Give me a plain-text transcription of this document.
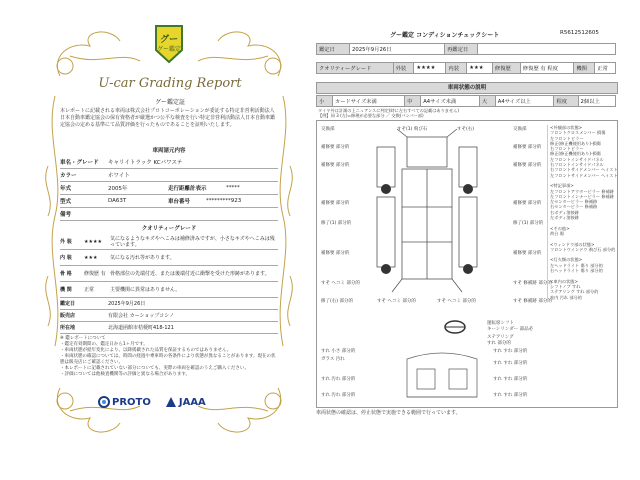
グー
グー鑑定
U-car Grading Report
グー鑑定証
本レポートに記載される車両は株式会社プロトコーポレーションが委託する特定非営利活動法人日本自動車鑑定協会の保有資格者が厳選かつ公平な検査を行い特定非営利活動法人日本自動車鑑定協会の定める基準にて品質評価を行ったものであることを証明いたします。
車両諸元内容
車名・グレード	キャリイトラック KCパワステ
カラー	ホワイト
年式	2005年	走行距離計表示	*****
型式	DA63T	車台番号	*********923
備考
クオリティーグレード
外 装	★★★★	気になるようなキズやへこみは補修済みですが、小さなキズやへこみは残っています。
内 装	★★★	気になる汚れ等があります。
骨 格	修復歴 有 骨格部位の先端付近、または後端付近に衝撃を受けた形跡があります。
機 関	正常	主要機関に異常はありません。
鑑定日	2025年9月26日
販売店	有限会社 カーショップコシノ
所在地	北海道函館市桔梗町418-121
※ 鑑レポートについて
・鑑定有効期間の、鑑定日から1ヶ月です。
・車両状態が経年変化により、以降掲載された品質を保証するものではありません。
・車両状態の確認については、時間の経過や乗車時の各条件により状態が異なることがあります。現在の状態は販売店にご確認ください。
・本レポートに記載されていない部分についても、実際の車両を確認のうえご購入ください。
・評価については他検査機関等の評価と異なる場合があります。
PROTO	JAAA
グー鑑定 コンディションチェックシート	R5612512605
鑑定日	2025年9月26日	再鑑定日	
クオリティーグレード	外装	★★★★	内装	★★★	修復歴	修復歴 有 程度	機関	正常
車両状態の説明
小	カードサイズ未満	中	A4サイズ未満	大	A4サイズ以上	程度	2個以上
タイヤ外は計測の上ニュアンスに判定(時に左右すべての記載はありません)
【例】同 3 (左)=修理が必要な部分 ／ 交換(バンパー部)
交換部
補修要 部分的
補修要 部分的
すそ(1) 飛び石	すそ(右)	交換部
補修要 部分的
補修要 部分的
補修要 部分的	補修要 部分的
修了(1) 部分的	修了(1) 部分的
補修要 部分的	補修要 部分的
すそ ヘコミ 部分的	すそ 修補跡 部分的
修了(右) 部分的	すそ ヘコミ 部分的	すそ ヘコミ 部分的	すそ 修補跡 部分的
運転席シフト
キーシリンダー 部品必
ステアリング
すれ 部分的
すれ 小さ 部分的
ガラス 汚れ
すれ 汚れ 部分的
すれ 汚れ 部分的
すれ すれ 部分的
すれ すれ 部分的
すれ すれ 部分的
すれ すれ 部分的
<外観部の状態>
フロントクロスメンバー 損傷
左フロントピラー
修正(修正機使用あり)-損傷
右フロントピラー
修正(修正機使用あり)-損傷
左フロントインサイドパネル
右フロントインサイドパネル
右フロントサイドメンバー ヘイスト
左フロントサイドメンバー ヘイスト

<特記事項>
左フロントアウターピラー 修補跡
左フロントインナーピラー 修補跡
左センターピラー 修補跡
右センターピラー 修補跡
右ボディ溶接跡
左ボディ溶接跡

<その他>
荷台 傷

<ウィンドウ部の状態>
フロントウインドウ 飛び石 部分的

<灯火類の状態>
左ヘッドライト 傷り 部分的
右ヘッドライト 傷り 部分的

<車内の状態>
シフトノブ すれ
ステアリング すれ 部分的
室内 汚れ 部分的
車両状態の確認は、停止状態で実施できる範囲で行っています。
